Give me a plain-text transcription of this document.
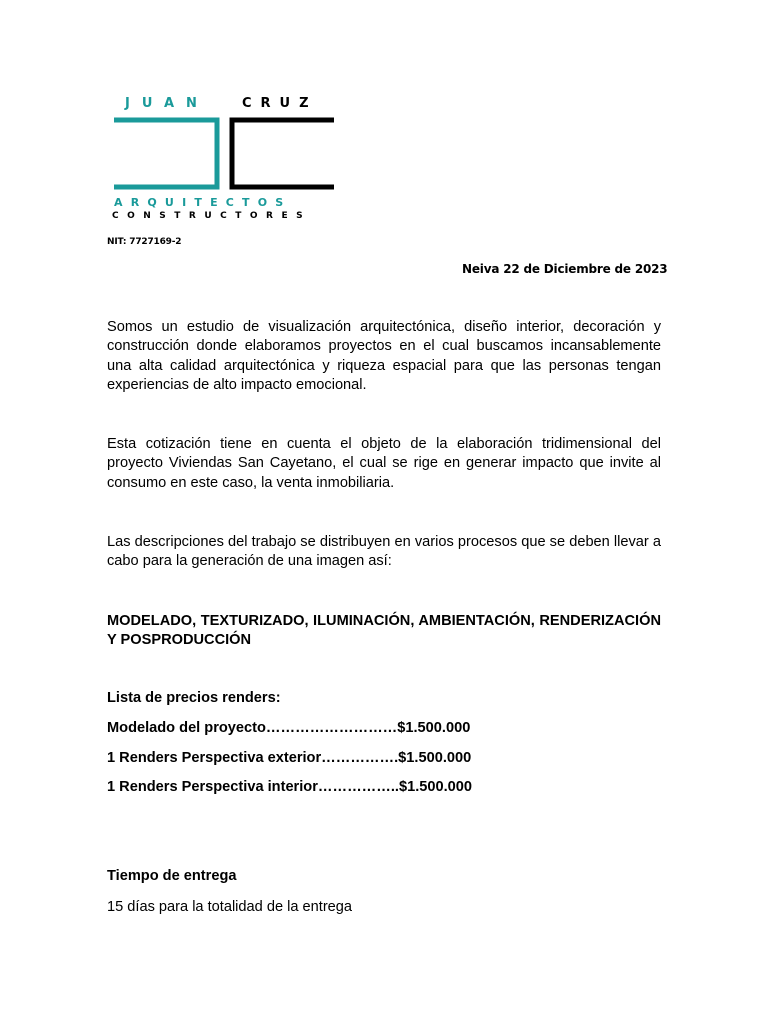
JUAN	CRUZ
ARQUITECTOS
CONSTRUCTORES
NIT: 7727169-2
Neiva 22 de Diciembre de 2023

Somos un estudio de visualización arquitectónica, diseño interior, decoración y construcción donde elaboramos proyectos en el cual buscamos incansablemente una alta calidad arquitectónica y riqueza espacial para que las personas tengan experiencias de alto impacto emocional.

Esta cotización tiene en cuenta el objeto de la elaboración tridimensional del proyecto Viviendas San Cayetano, el cual se rige en generar impacto que invite al consumo en este caso, la venta inmobiliaria.

Las descripciones del trabajo se distribuyen en varios procesos que se deben llevar a cabo para la generación de una imagen así:

MODELADO, TEXTURIZADO, ILUMINACIÓN, AMBIENTACIÓN, RENDERIZACIÓN Y POSPRODUCCIÓN

Lista de precios renders:

Modelado del proyecto………………………$1.500.000

1 Renders Perspectiva exterior…………….$1.500.000

1 Renders Perspectiva interior……………..$1.500.000

Tiempo de entrega

15 días para la totalidad de la entrega
